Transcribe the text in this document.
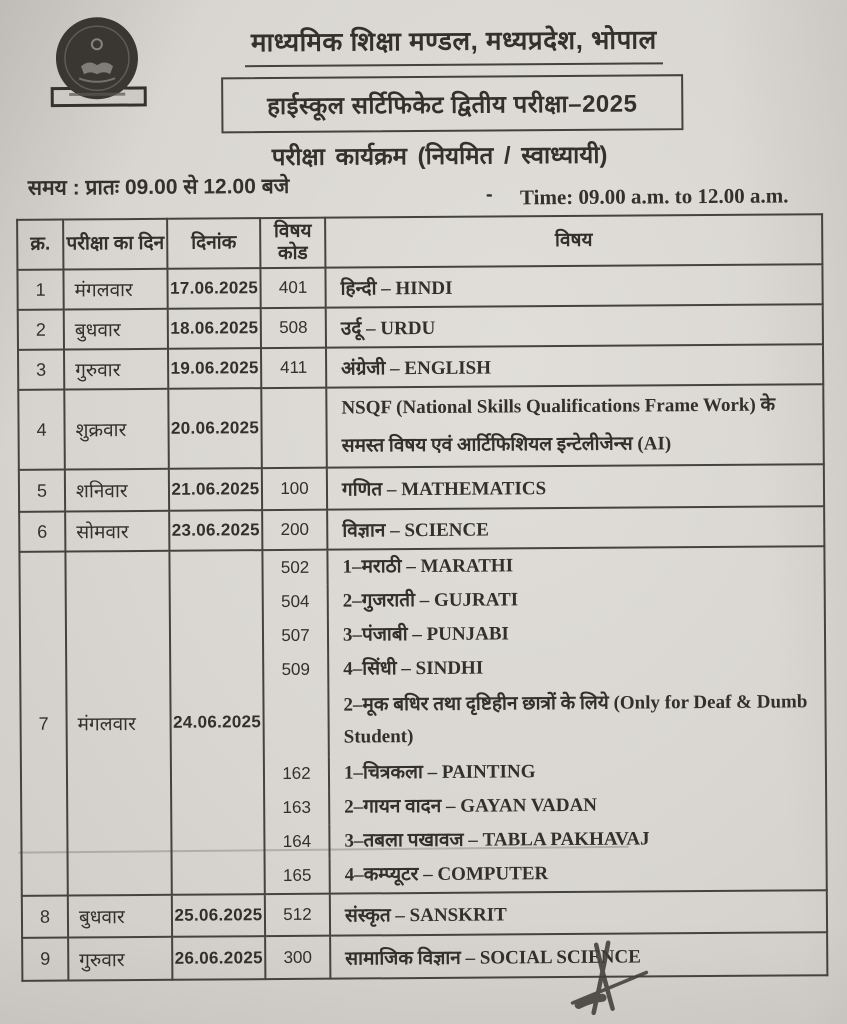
माध्यमिक शिक्षा मण्डल, मध्यप्रदेश, भोपाल
हाईस्कूल सर्टिफिकेट द्वितीय परीक्षा–2025
परीक्षा कार्यक्रम (नियमित / स्वाध्यायी)
समय : प्रातः 09.00 से 12.00 बजे	- Time: 09.00 a.m. to 12.00 a.m.
क्र.	परीक्षा का दिन	दिनांक	विषय कोड	विषय
1	मंगलवार	17.06.2025	401	हिन्दी – HINDI
2	बुधवार	18.06.2025	508	उर्दू – URDU
3	गुरुवार	19.06.2025	411	अंग्रेजी – ENGLISH
4	शुक्रवार	20.06.2025		NSQF (National Skills Qualifications Frame Work) के समस्त विषय एवं आर्टिफिशियल इन्टेलीजेन्स (AI)
5	शनिवार	21.06.2025	100	गणित – MATHEMATICS
6	सोमवार	23.06.2025	200	विज्ञान – SCIENCE
7	मंगलवार	24.06.2025	
502	1–मराठी – MARATHI
504	2–गुजराती – GUJRATI
507	3–पंजाबी – PUNJABI
509	4–सिंधी – SINDHI
2–मूक बधिर तथा दृष्टिहीन छात्रों के लिये (Only for Deaf & Dumb Student)
162	1–चित्रकला – PAINTING
163	2–गायन वादन – GAYAN VADAN
164	3–तबला पखावज – TABLA PAKHAVAJ
165	4–कम्प्यूटर – COMPUTER

8	बुधवार	25.06.2025	512	संस्कृत – SANSKRIT
9	गुरुवार	26.06.2025	300	सामाजिक विज्ञान – SOCIAL SCIENCE
